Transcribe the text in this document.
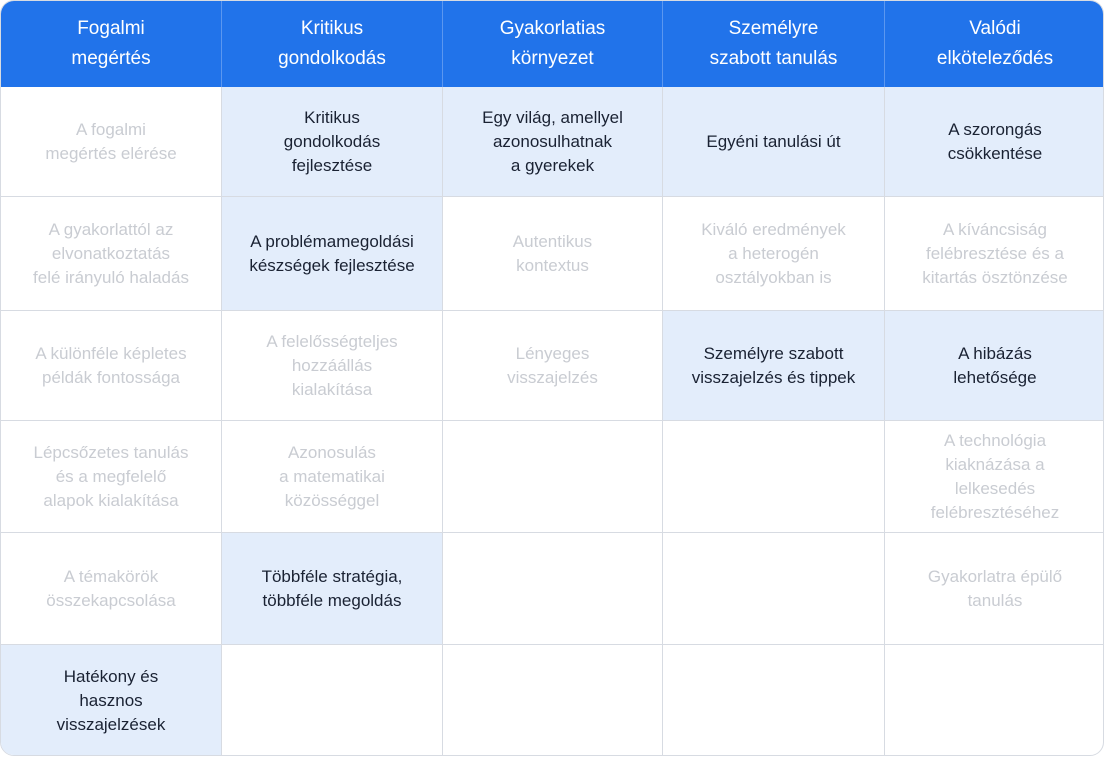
Fogalmi
megértés
Kritikus
gondolkodás
Gyakorlatias
környezet
Személyre
szabott tanulás
Valódi
elköteleződés
A fogalmi
megértés elérése
Kritikus
gondolkodás
fejlesztése
Egy világ, amellyel
azonosulhatnak
a gyerekek
Egyéni tanulási út
A szorongás
csökkentése
A gyakorlattól az
elvonatkoztatás
felé irányuló haladás
A problémamegoldási
készségek fejlesztése
Autentikus
kontextus
Kiváló eredmények
a heterogén
osztályokban is
A kíváncsiság
felébresztése és a
kitartás ösztönzése
A különféle képletes
példák fontossága
A felelősségteljes
hozzáállás
kialakítása
Lényeges
visszajelzés
Személyre szabott
visszajelzés és tippek
A hibázás
lehetősége
Lépcsőzetes tanulás
és a megfelelő
alapok kialakítása
Azonosulás
a matematikai
közösséggel
A technológia
kiaknázása a lelkesedés
felébresztéséhez
A témakörök
összekapcsolása
Többféle stratégia,
többféle megoldás
Gyakorlatra épülő
tanulás
Hatékony és
hasznos
visszajelzések
